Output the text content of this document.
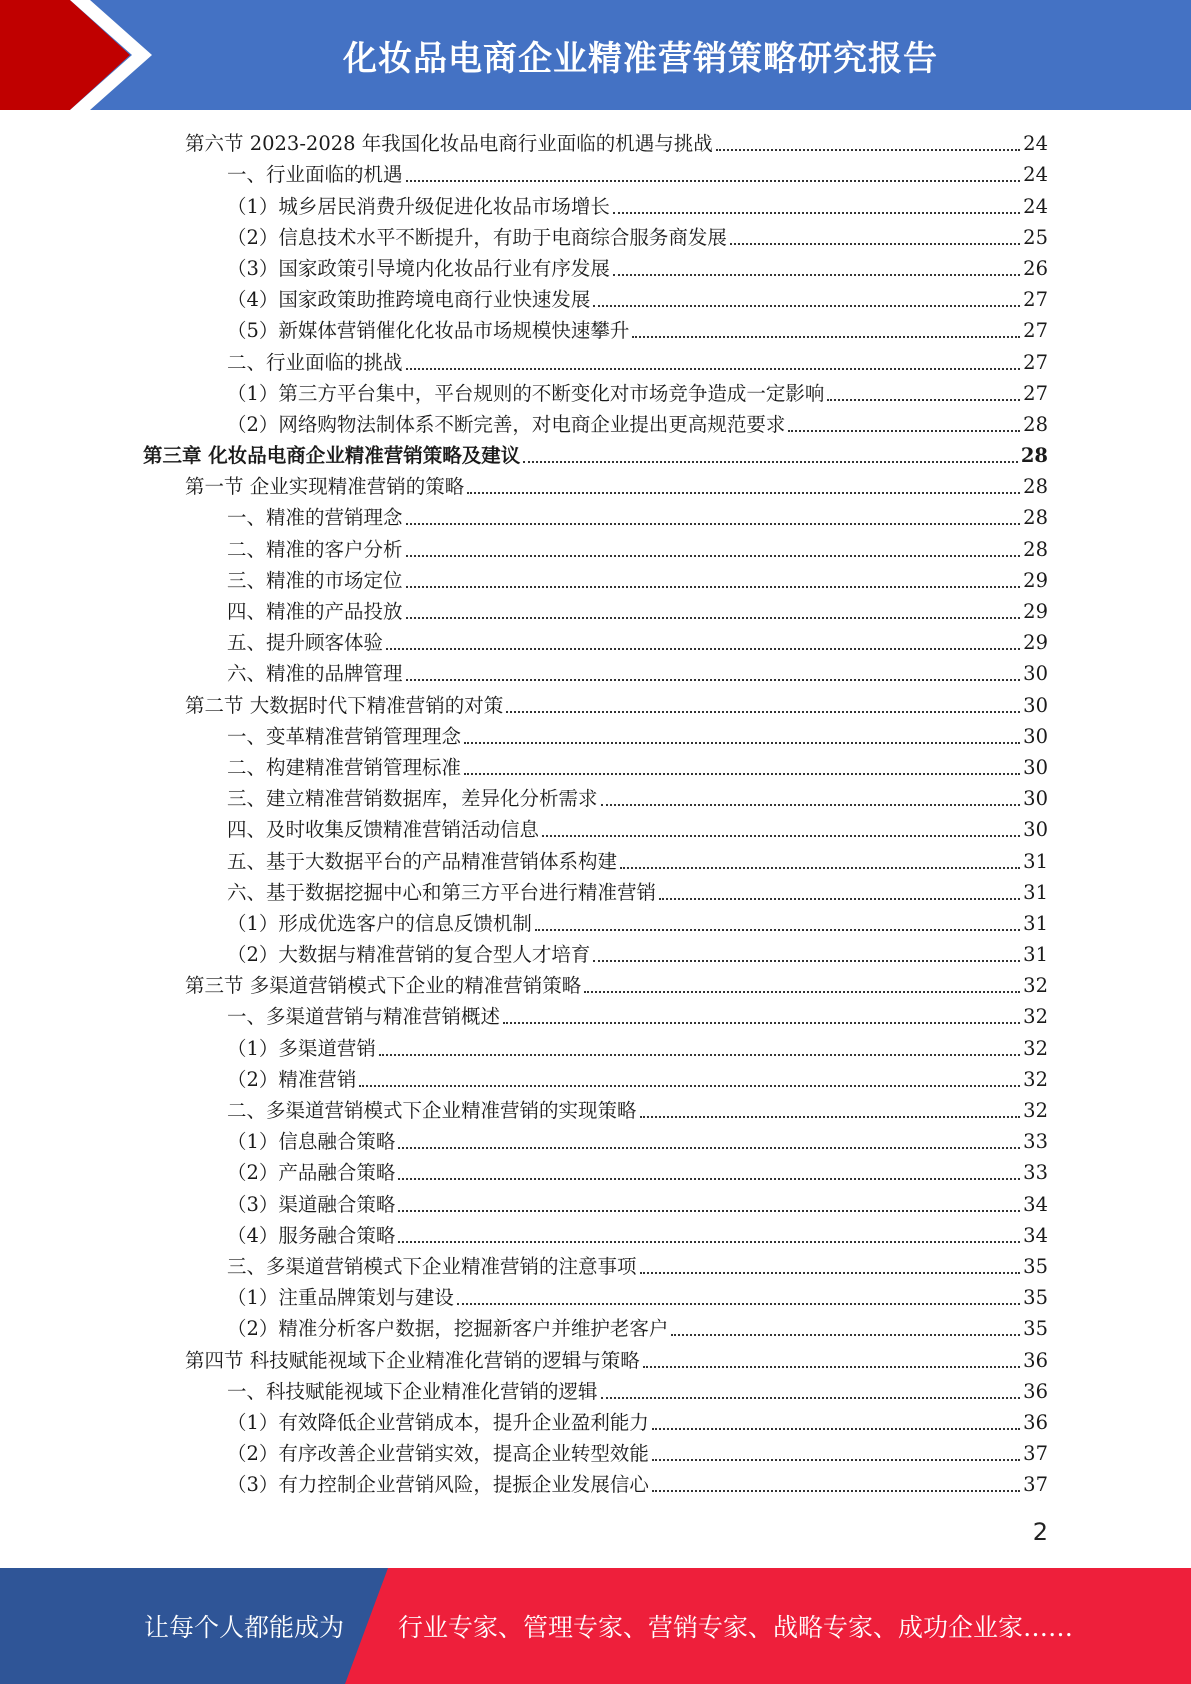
化妆品电商企业精准营销策略研究报告
第六节 2023-2028 年我国化妆品电商行业面临的机遇与挑战	24
一、行业面临的机遇	24
（1）城乡居民消费升级促进化妆品市场增长	24
（2）信息技术水平不断提升，有助于电商综合服务商发展	25
（3）国家政策引导境内化妆品行业有序发展	26
（4）国家政策助推跨境电商行业快速发展	27
（5）新媒体营销催化化妆品市场规模快速攀升	27
二、行业面临的挑战	27
（1）第三方平台集中，平台规则的不断变化对市场竞争造成一定影响	27
（2）网络购物法制体系不断完善，对电商企业提出更高规范要求	28
第三章 化妆品电商企业精准营销策略及建议	28
第一节 企业实现精准营销的策略	28
一、精准的营销理念	28
二、精准的客户分析	28
三、精准的市场定位	29
四、精准的产品投放	29
五、提升顾客体验	29
六、精准的品牌管理	30
第二节 大数据时代下精准营销的对策	30
一、变革精准营销管理理念	30
二、构建精准营销管理标准	30
三、建立精准营销数据库，差异化分析需求	30
四、及时收集反馈精准营销活动信息	30
五、基于大数据平台的产品精准营销体系构建	31
六、基于数据挖掘中心和第三方平台进行精准营销	31
（1）形成优选客户的信息反馈机制	31
（2）大数据与精准营销的复合型人才培育	31
第三节 多渠道营销模式下企业的精准营销策略	32
一、多渠道营销与精准营销概述	32
（1）多渠道营销	32
（2）精准营销	32
二、多渠道营销模式下企业精准营销的实现策略	32
（1）信息融合策略	33
（2）产品融合策略	33
（3）渠道融合策略	34
（4）服务融合策略	34
三、多渠道营销模式下企业精准营销的注意事项	35
（1）注重品牌策划与建设	35
（2）精准分析客户数据，挖掘新客户并维护老客户	35
第四节 科技赋能视域下企业精准化营销的逻辑与策略	36
一、科技赋能视域下企业精准化营销的逻辑	36
（1）有效降低企业营销成本，提升企业盈利能力	36
（2）有序改善企业营销实效，提高企业转型效能	37
（3）有力控制企业营销风险，提振企业发展信心	37
2
让每个人都能成为 行业专家、管理专家、营销专家、战略专家、成功企业家……
